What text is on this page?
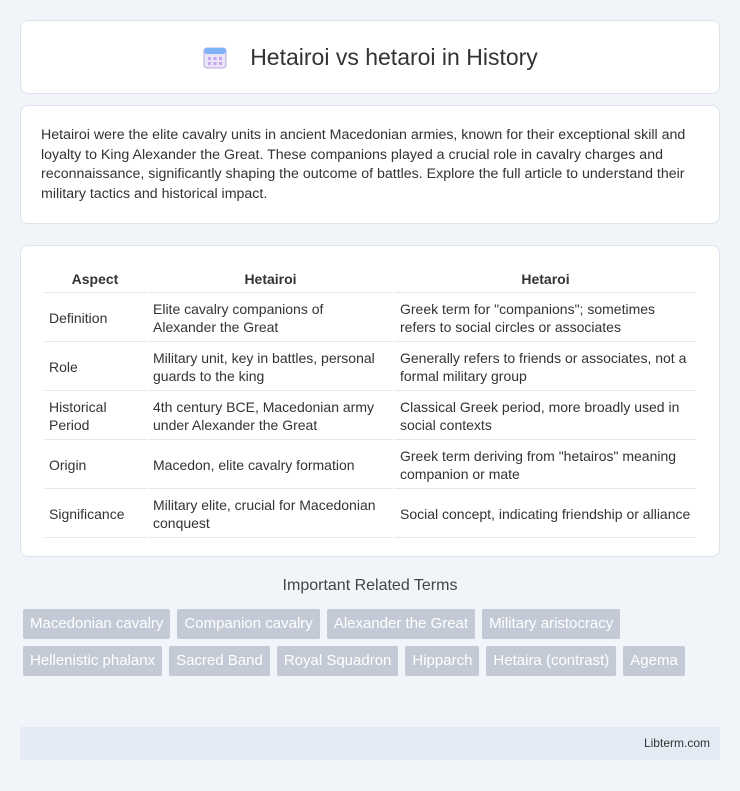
Hetairoi vs hetaroi in History

Hetairoi were the elite cavalry units in ancient Macedonian armies, known for their exceptional skill and loyalty to King Alexander the Great. These companions played a crucial role in cavalry charges and reconnaissance, significantly shaping the outcome of battles. Explore the full article to understand their military tactics and historical impact.

Aspect	Hetairoi	Hetaroi
Definition	Elite cavalry companions of Alexander the Great	Greek term for "companions"; sometimes refers to social circles or associates
Role	Military unit, key in battles, personal guards to the king	Generally refers to friends or associates, not a formal military group
Historical Period	4th century BCE, Macedonian army under Alexander the Great	Classical Greek period, more broadly used in social contexts
Origin	Macedon, elite cavalry formation	Greek term deriving from "hetairos" meaning companion or mate
Significance	Military elite, crucial for Macedonian conquest	Social concept, indicating friendship or alliance
Important Related Terms
Macedonian cavalry	Companion cavalry	Alexander the Great	Military aristocracy
Hellenistic phalanx	Sacred Band	Royal Squadron	Hipparch	Hetaira (contrast)	Agema
Libterm.com
